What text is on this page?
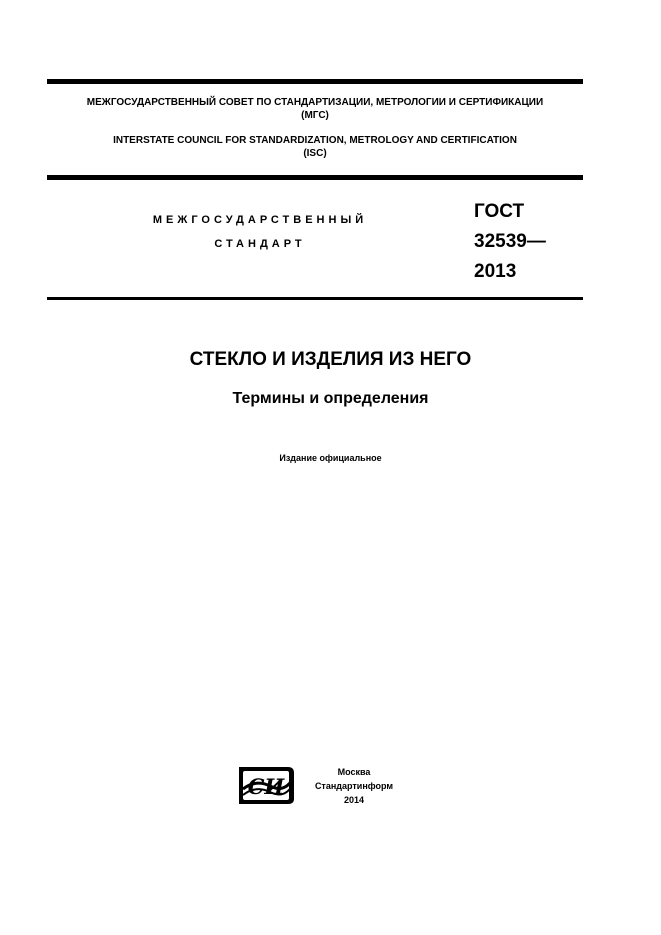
МЕЖГОСУДАРСТВЕННЫЙ СОВЕТ ПО СТАНДАРТИЗАЦИИ, МЕТРОЛОГИИ И СЕРТИФИКАЦИИ
(МГС)
INTERSTATE COUNCIL FOR STANDARDIZATION, METROLOGY AND CERTIFICATION
(ISC)
МЕЖГОСУДАРСТВЕННЫЙ
СТАНДАРТ
ГОСТ
32539—
2013
СТЕКЛО И ИЗДЕЛИЯ ИЗ НЕГО
Термины и определения
Издание официальное
СИ
Москва
Стандартинформ
2014
